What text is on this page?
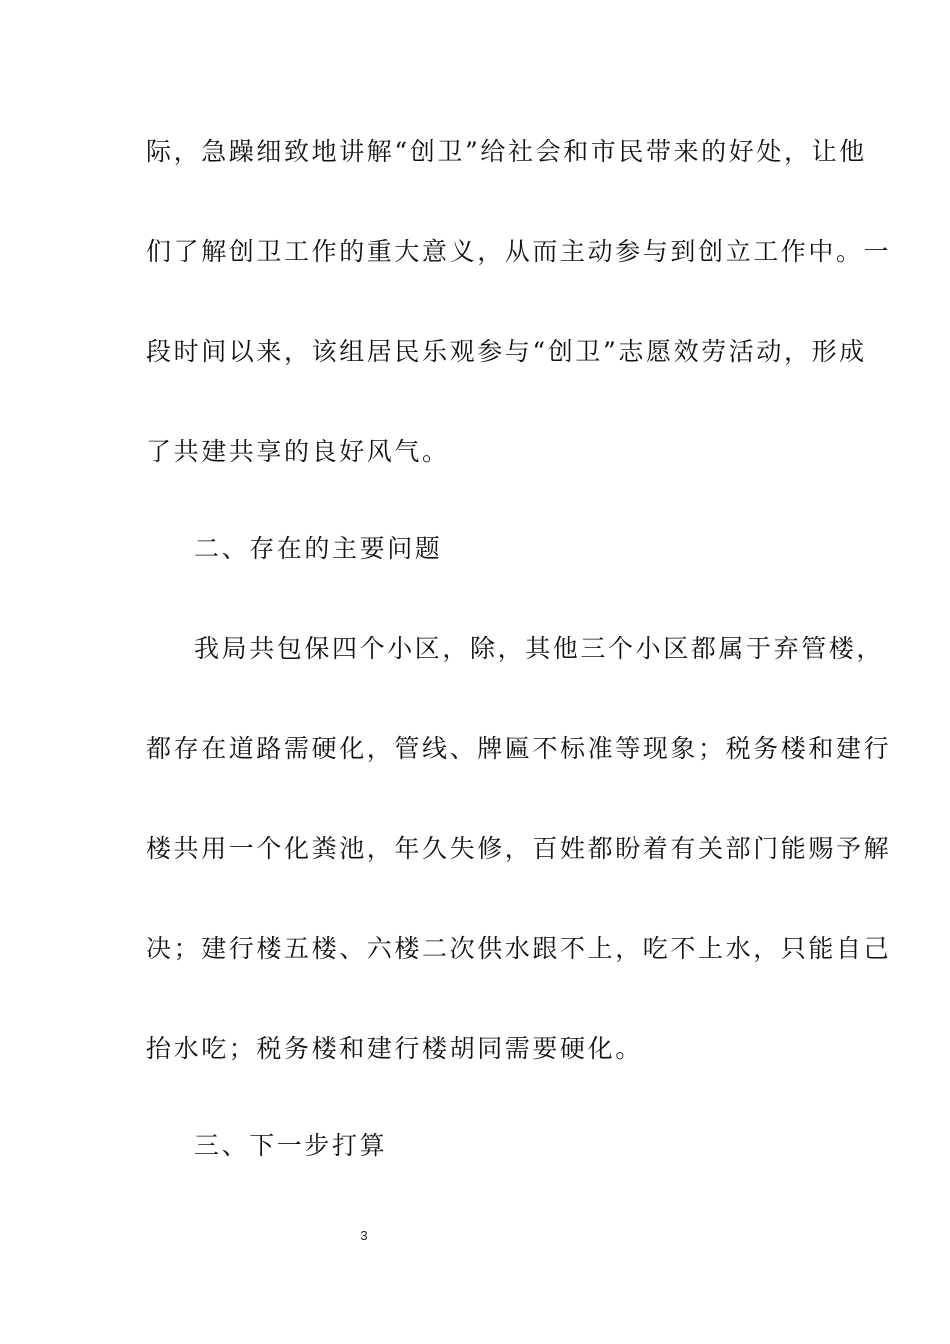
际，急躁细致地讲解“创卫”给社会和市民带来的好处，让他
们了解创卫工作的重大意义，从而主动参与到创立工作中。一
段时间以来，该组居民乐观参与“创卫”志愿效劳活动，形成
了共建共享的良好风气。
二、存在的主要问题
我局共包保四个小区，除，其他三个小区都属于弃管楼，
都存在道路需硬化，管线、牌匾不标准等现象；税务楼和建行
楼共用一个化粪池，年久失修，百姓都盼着有关部门能赐予解
决；建行楼五楼、六楼二次供水跟不上，吃不上水，只能自己
抬水吃；税务楼和建行楼胡同需要硬化。
三、下一步打算
3
